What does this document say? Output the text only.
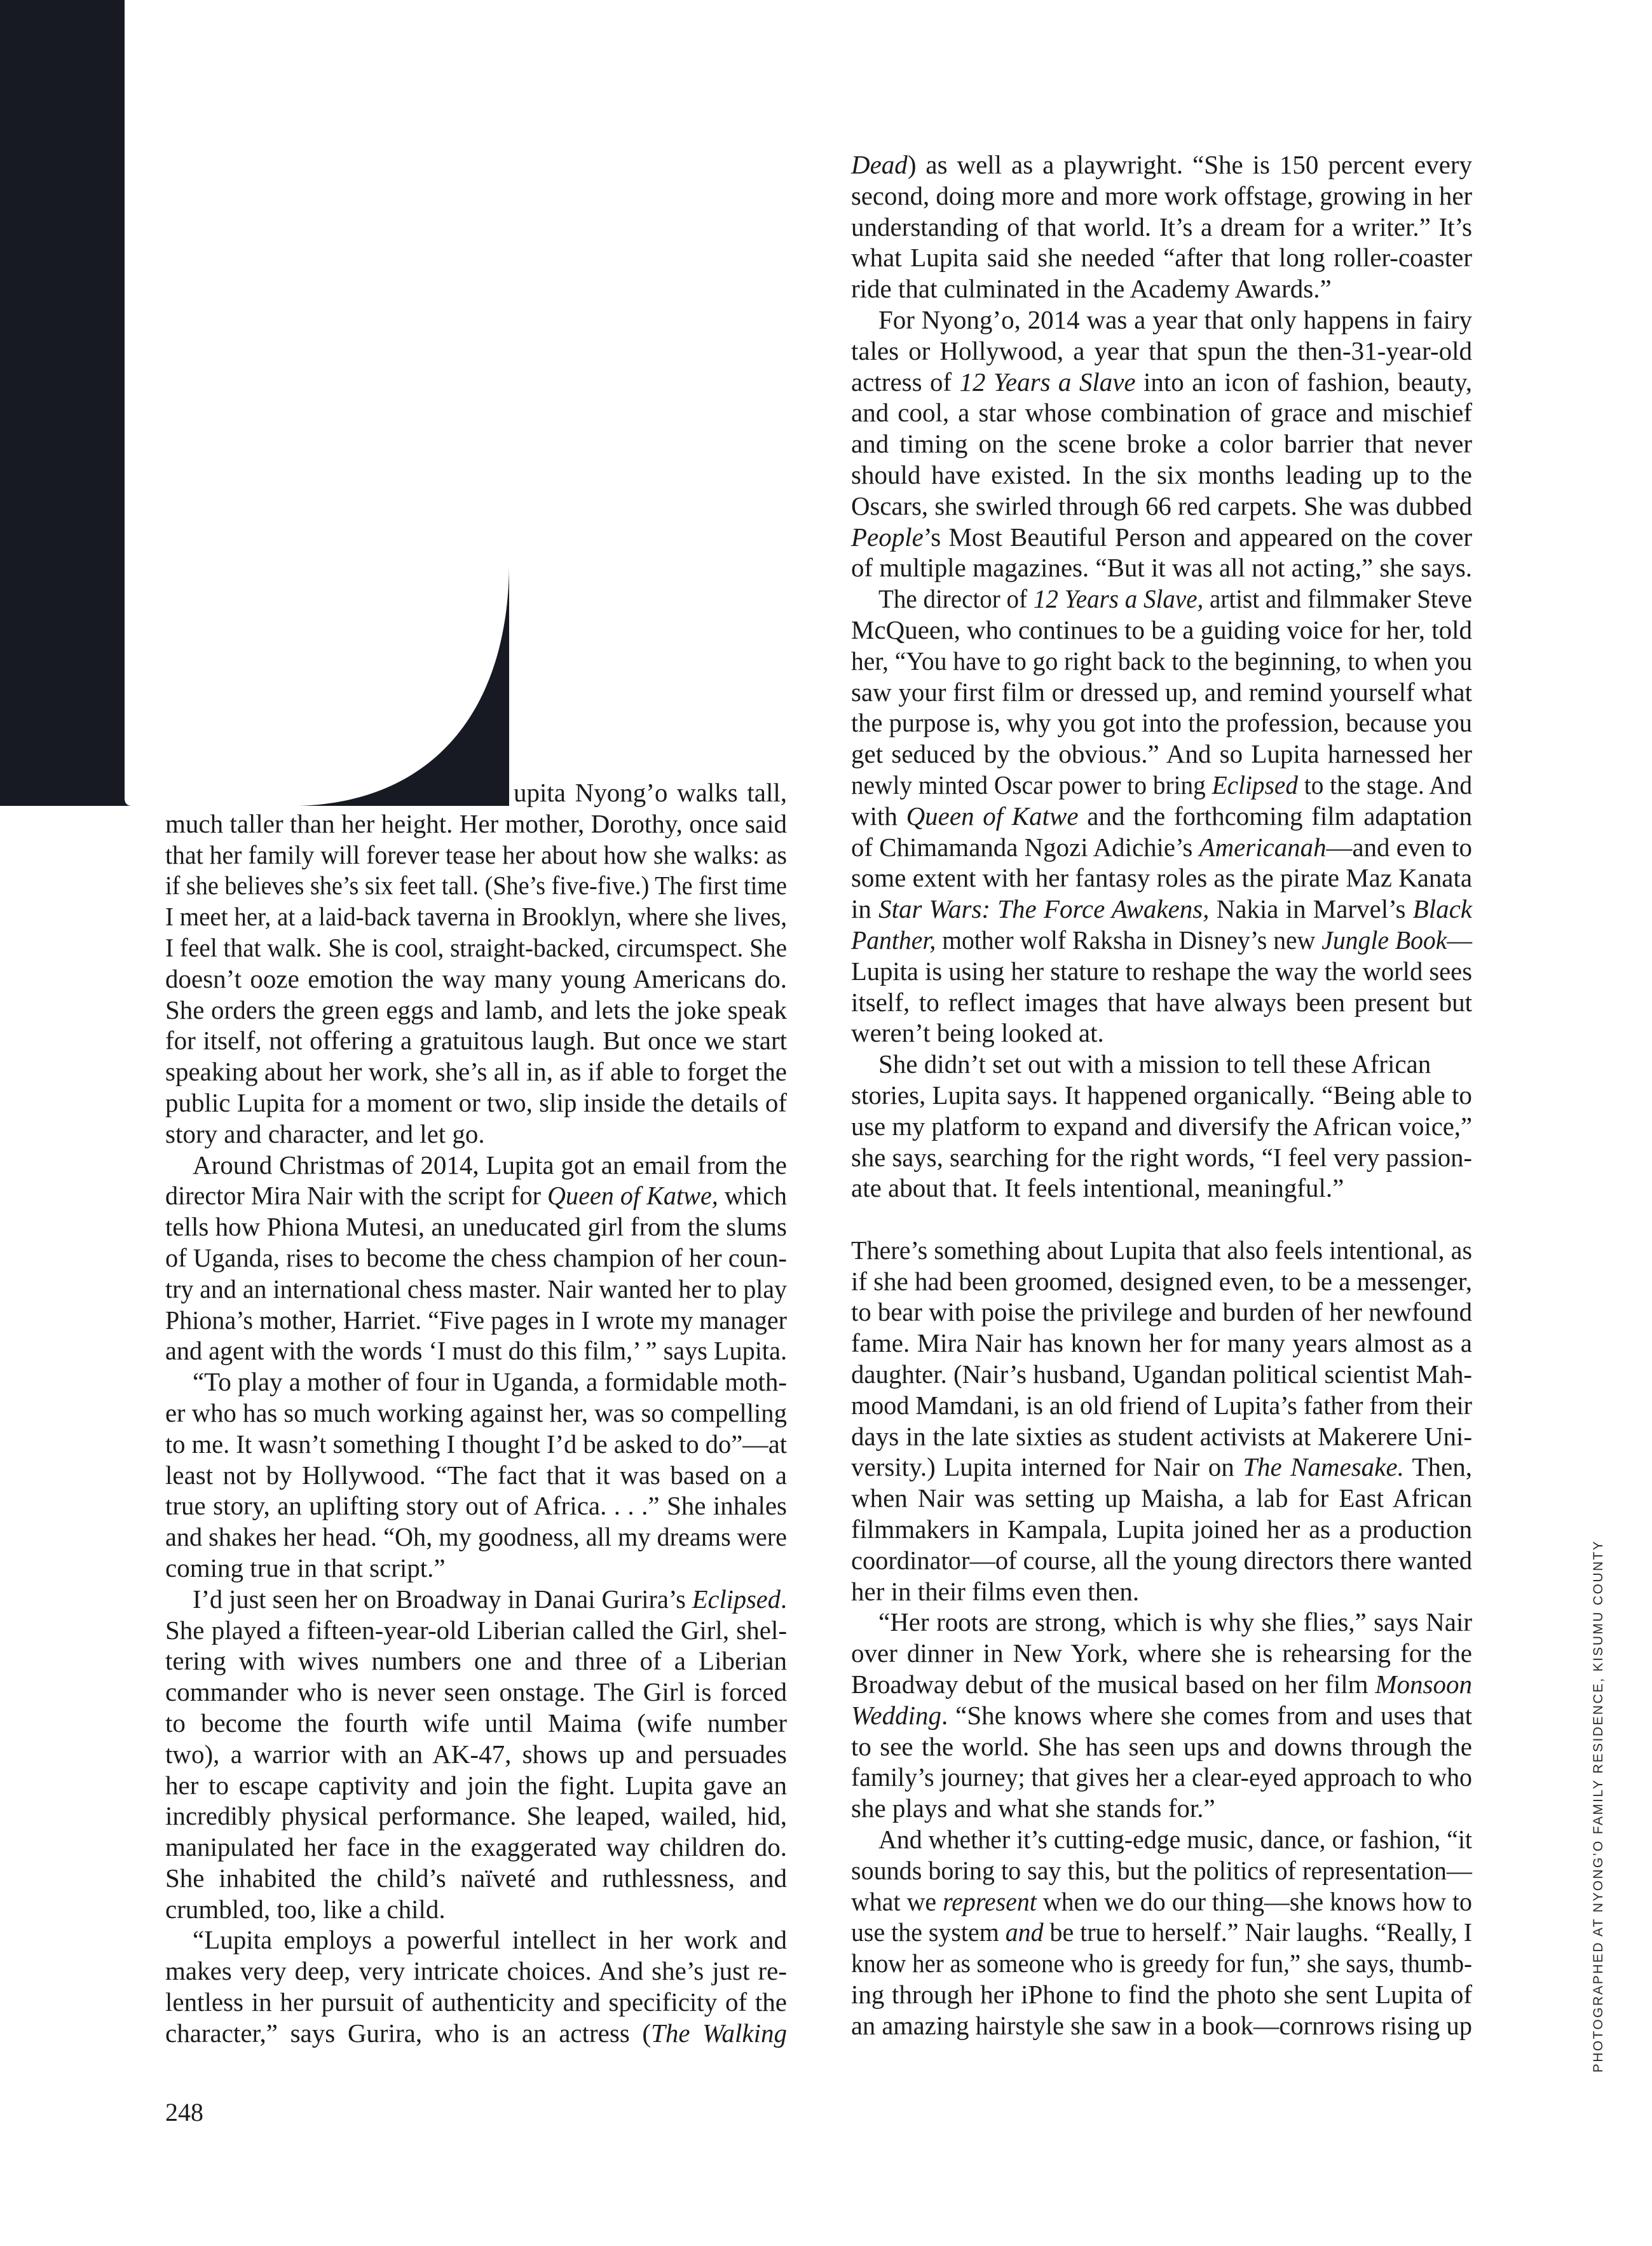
upita Nyong’o walks tall,
much taller than her height. Her mother, Dorothy, once said
that her family will forever tease her about how she walks: as
if she believes she’s six feet tall. (She’s five-five.) The first time
I meet her, at a laid-back taverna in Brooklyn, where she lives,
I feel that walk. She is cool, straight-backed, circumspect. She
doesn’t ooze emotion the way many young Americans do.
She orders the green eggs and lamb, and lets the joke speak
for itself, not offering a gratuitous laugh. But once we start
speaking about her work, she’s all in, as if able to forget the
public Lupita for a moment or two, slip inside the details of
story and character, and let go.
Around Christmas of 2014, Lupita got an email from the
director Mira Nair with the script for Queen of Katwe, which
tells how Phiona Mutesi, an uneducated girl from the slums
of Uganda, rises to become the chess champion of her coun-
try and an international chess master. Nair wanted her to play
Phiona’s mother, Harriet. “Five pages in I wrote my manager
and agent with the words ‘I must do this film,’ ” says Lupita.
“To play a mother of four in Uganda, a formidable moth-
er who has so much working against her, was so compelling
to me. It wasn’t something I thought I’d be asked to do”—at
least not by Hollywood. “The fact that it was based on a
true story, an uplifting story out of Africa. . . .” She inhales
and shakes her head. “Oh, my goodness, all my dreams were
coming true in that script.”
I’d just seen her on Broadway in Danai Gurira’s Eclipsed.
She played a fifteen-year-old Liberian called the Girl, shel-
tering with wives numbers one and three of a Liberian
commander who is never seen onstage. The Girl is forced
to become the fourth wife until Maima (wife number
two), a warrior with an AK-47, shows up and persuades
her to escape captivity and join the fight. Lupita gave an
incredibly physical performance. She leaped, wailed, hid,
manipulated her face in the exaggerated way children do.
She inhabited the child’s naïveté and ruthlessness, and
crumbled, too, like a child.
“Lupita employs a powerful intellect in her work and
makes very deep, very intricate choices. And she’s just re-
lentless in her pursuit of authenticity and specificity of the
character,” says Gurira, who is an actress (The Walking
Dead) as well as a playwright. “She is 150 percent every
second, doing more and more work offstage, growing in her
understanding of that world. It’s a dream for a writer.” It’s
what Lupita said she needed “after that long roller-coaster
ride that culminated in the Academy Awards.”
For Nyong’o, 2014 was a year that only happens in fairy
tales or Hollywood, a year that spun the then-31-year-old
actress of 12 Years a Slave into an icon of fashion, beauty,
and cool, a star whose combination of grace and mischief
and timing on the scene broke a color barrier that never
should have existed. In the six months leading up to the
Oscars, she swirled through 66 red carpets. She was dubbed
People’s Most Beautiful Person and appeared on the cover
of multiple magazines. “But it was all not acting,” she says.
The director of 12 Years a Slave, artist and filmmaker Steve
McQueen, who continues to be a guiding voice for her, told
her, “You have to go right back to the beginning, to when you
saw your first film or dressed up, and remind yourself what
the purpose is, why you got into the profession, because you
get seduced by the obvious.” And so Lupita harnessed her
newly minted Oscar power to bring Eclipsed to the stage. And
with Queen of Katwe and the forthcoming film adaptation
of Chimamanda Ngozi Adichie’s Americanah—and even to
some extent with her fantasy roles as the pirate Maz Kanata
in Star Wars: The Force Awakens, Nakia in Marvel’s Black
Panther, mother wolf Raksha in Disney’s new Jungle Book—
Lupita is using her stature to reshape the way the world sees
itself, to reflect images that have always been present but
weren’t being looked at.
She didn’t set out with a mission to tell these African
stories, Lupita says. It happened organically. “Being able to
use my platform to expand and diversify the African voice,”
she says, searching for the right words, “I feel very passion-
ate about that. It feels intentional, meaningful.”
There’s something about Lupita that also feels intentional, as
if she had been groomed, designed even, to be a messenger,
to bear with poise the privilege and burden of her newfound
fame. Mira Nair has known her for many years almost as a
daughter. (Nair’s husband, Ugandan political scientist Mah-
mood Mamdani, is an old friend of Lupita’s father from their
days in the late sixties as student activists at Makerere Uni-
versity.) Lupita interned for Nair on The Namesake. Then,
when Nair was setting up Maisha, a lab for East African
filmmakers in Kampala, Lupita joined her as a production
coordinator—of course, all the young directors there wanted
her in their films even then.
“Her roots are strong, which is why she flies,” says Nair
over dinner in New York, where she is rehearsing for the
Broadway debut of the musical based on her film Monsoon
Wedding. “She knows where she comes from and uses that
to see the world. She has seen ups and downs through the
family’s journey; that gives her a clear-eyed approach to who
she plays and what she stands for.”
And whether it’s cutting-edge music, dance, or fashion, “it
sounds boring to say this, but the politics of representation—
what we represent when we do our thing—she knows how to
use the system and be true to herself.” Nair laughs. “Really, I
know her as someone who is greedy for fun,” she says, thumb-
ing through her iPhone to find the photo she sent Lupita of
an amazing hairstyle she saw in a book—cornrows rising up
248
PHOTOGRAPHED AT NYONG’O FAMILY RESIDENCE, KISUMU COUNTY
